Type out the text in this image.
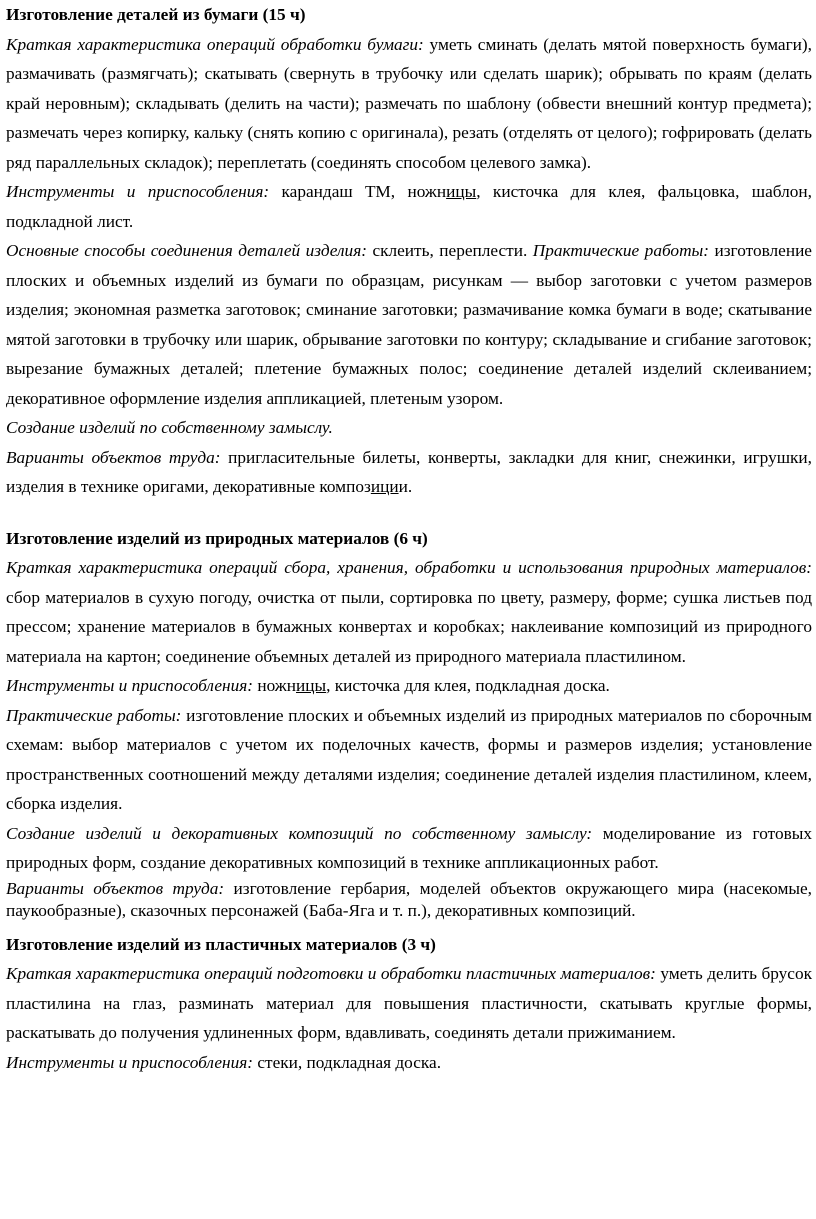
Изготовление деталей из бумаги (15 ч)

Краткая характеристика операций обработки бумаги: уметь сминать (делать мятой поверхность бумаги), размачивать (размягчать); скатывать (свернуть в трубочку или сделать шарик); обрывать по краям (делать край неровным); складывать (делить на части); размечать по шаблону (обвести внешний контур предмета); размечать через копирку, кальку (снять копию с оригинала), резать (отделять от целого); гофрировать (делать ряд параллельных складок); переплетать (соединять способом целевого замка).

Инструменты и приспособления: карандаш ТМ, ножницы, кисточка для клея, фальцовка, шаблон, подкладной лист.

Основные способы соединения деталей изделия: склеить, переплести. Практические работы: изготовление плоских и объемных изделий из бумаги по образцам, рисункам — выбор заготовки с учетом размеров изделия; экономная разметка заготовок; сминание заготовки; размачивание комка бумаги в воде; скатывание мятой заготовки в трубочку или шарик, обрывание заготовки по контуру; складывание и сгибание заготовок; вырезание бумажных деталей; плетение бумажных полос; соединение деталей изделий склеиванием; декоративное оформление изделия аппликацией, плетеным узором.

Создание изделий по собственному замыслу.

Варианты объектов труда: пригласительные билеты, конверты, закладки для книг, снежинки, игрушки, изделия в технике оригами, декоративные композиции.

Изготовление изделий из природных материалов (6 ч)

Краткая характеристика операций сбора, хранения, обработки и использования природных материалов: сбор материалов в сухую погоду, очистка от пыли, сортировка по цвету, размеру, форме; сушка листьев под прессом; хранение материалов в бумажных конвертах и коробках; наклеивание композиций из природного материала на картон; соединение объемных деталей из природного материала пластилином.

Инструменты и приспособления: ножницы, кисточка для клея, подкладная доска.

Практические работы: изготовление плоских и объемных изделий из природных материалов по сборочным схемам: выбор материалов с учетом их поделочных качеств, формы и размеров изделия; установление пространственных соотношений между деталями изделия; соединение деталей изделия пластилином, клеем, сборка изделия.

Создание изделий и декоративных композиций по собственному замыслу: моделирование из готовых природных форм, создание декоративных композиций в технике аппликационных работ.

Варианты объектов труда: изготовление гербария, моделей объектов окружающего мира (насекомые, паукообразные), сказочных персонажей (Баба-Яга и т. п.), декоративных композиций.

Изготовление изделий из пластичных материалов (3 ч)

Краткая характеристика операций подготовки и обработки пластичных материалов: уметь делить брусок пластилина на глаз, разминать материал для повышения пластичности, скатывать круглые формы, раскатывать до получения удлиненных форм, вдавливать, соединять детали прижиманием.

Инструменты и приспособления: стеки, подкладная доска.
